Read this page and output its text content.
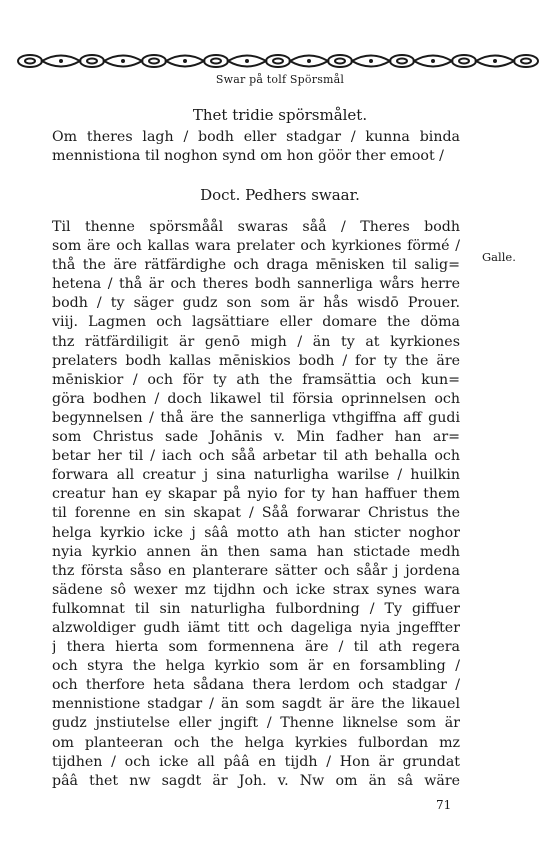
Swar på tolf Spörsmål
Thet tridie spörsmålet.
Om theres lagh / bodh eller stadgar / kunna binda
mennistiona til noghon synd om hon göör ther emoot /
Doct. Pedhers swaar.
Galle.
Til thenne spörsmåål swaras såå / Theres bodh
som äre och kallas wara prelater och kyrkiones förmé /
thå the äre rätfärdighe och draga mēnisken til salig=
hetena / thå är och theres bodh sannerliga wårs herre
bodh / ty säger gudz son som är hås wisdō Prouer.
viij. Lagmen och lagsättiare eller domare the döma
thz rätfärdiligit är genō migh / än ty at kyrkiones
prelaters bodh kallas mēniskios bodh / for ty the äre
mēniskior / och för ty ath the framsättia och kun=
göra bodhen / doch likawel til försia oprinnelsen och
begynnelsen / thå äre the sannerliga vthgiffna aff gudi
som Christus sade Johānis v. Min fadher han ar=
betar her til / iach och såå arbetar til ath behalla och
forwara all creatur j sina naturligha warilse / huilkin
creatur han ey skapar på nyio for ty han haffuer them
til forenne en sin skapat / Såå forwarar Christus the
helga kyrkio icke j sââ motto ath han sticter noghor
nyia kyrkio annen än then sama han stictade medh
thz första såso en planterare sätter och såår j jordena
sädene sô wexer mz tijdhn och icke strax synes wara
fulkomnat til sin naturligha fulbordning / Ty giffuer
alzwoldiger gudh iämt titt och dageliga nyia jngeffter
j thera hierta som formennena äre / til ath regera
och styra the helga kyrkio som är en forsambling /
och therfore heta sådana thera lerdom och stadgar /
mennistione stadgar / än som sagdt är äre the likauel
gudz jnstiutelse eller jngift / Thenne liknelse som är
om planteeran och the helga kyrkies fulbordan mz
tijdhen / och icke all pââ en tijdh / Hon är grundat
pââ thet nw sagdt är Joh. v. Nw om än sâ wäre
71
